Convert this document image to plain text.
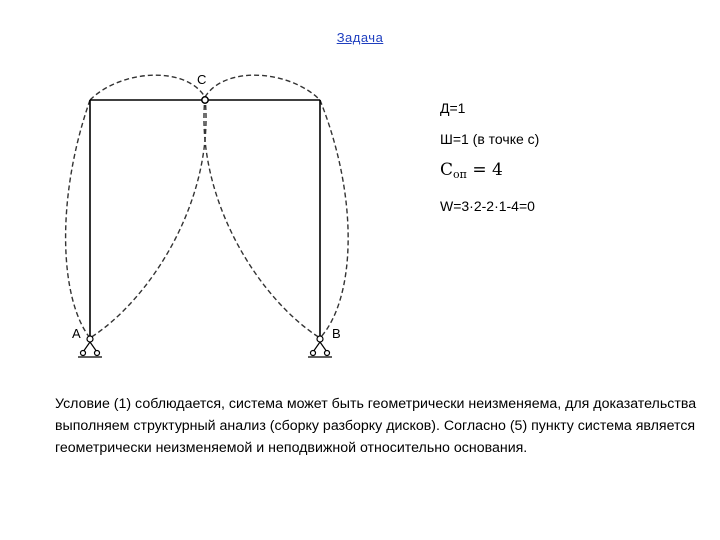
Задача
С
А	В
Д=1
Ш=1 (в точке с)
$С_{оп} = 4$
W=3·2-2·1-4=0
Условие (1) соблюдается, система может быть геометрически неизменяема, для доказательства выполняем структурный анализ (сборку разборку дисков). Согласно (5) пункту система является геометрически неизменяемой и неподвижной относительно основания.
